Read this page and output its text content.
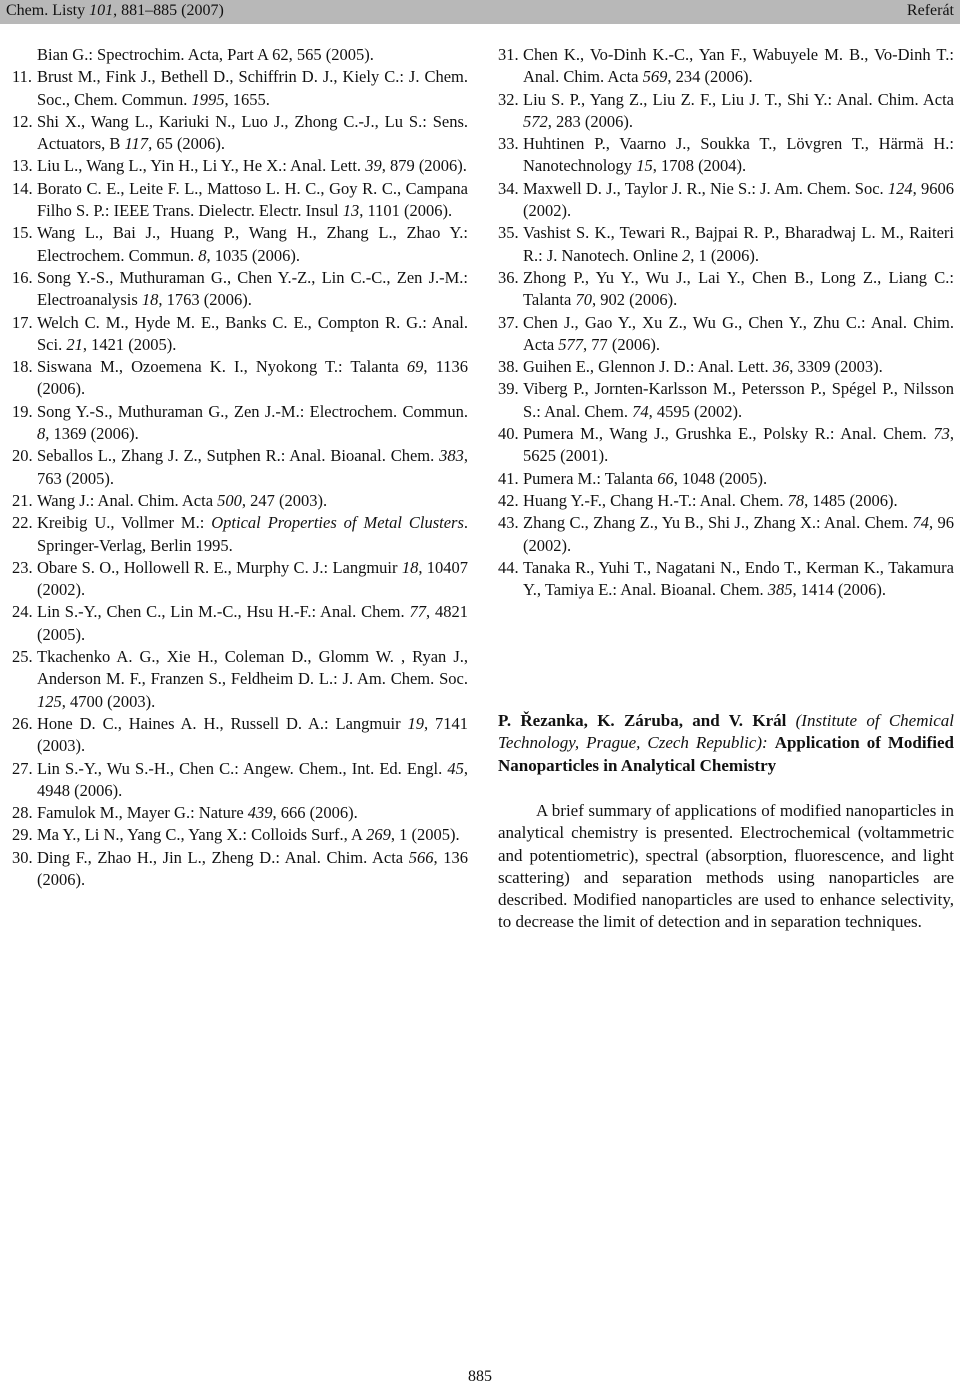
Chem. Listy 101, 881–885 (2007)	Referát
Bian G.: Spectrochim. Acta, Part A 62, 565 (2005).
11. Brust M., Fink J., Bethell D., Schiffrin D. J., Kiely C.: J. Chem. Soc., Chem. Commun. 1995, 1655.
12. Shi X., Wang L., Kariuki N., Luo J., Zhong C.-J., Lu S.: Sens. Actuators, B 117, 65 (2006).
13. Liu L., Wang L., Yin H., Li Y., He X.: Anal. Lett. 39, 879 (2006).
14. Borato C. E., Leite F. L., Mattoso L. H. C., Goy R. C., Campana Filho S. P.: IEEE Trans. Dielectr. Electr. Insul 13, 1101 (2006).
15. Wang L., Bai J., Huang P., Wang H., Zhang L., Zhao Y.: Electrochem. Commun. 8, 1035 (2006).
16. Song Y.-S., Muthuraman G., Chen Y.-Z., Lin C.-C., Zen J.-M.: Electroanalysis 18, 1763 (2006).
17. Welch C. M., Hyde M. E., Banks C. E., Compton R. G.: Anal. Sci. 21, 1421 (2005).
18. Siswana M., Ozoemena K. I., Nyokong T.: Talanta 69, 1136 (2006).
19. Song Y.-S., Muthuraman G., Zen J.-M.: Electrochem. Commun. 8, 1369 (2006).
20. Seballos L., Zhang J. Z., Sutphen R.: Anal. Bioanal. Chem. 383, 763 (2005).
21. Wang J.: Anal. Chim. Acta 500, 247 (2003).
22. Kreibig U., Vollmer M.: Optical Properties of Metal Clusters. Springer-Verlag, Berlin 1995.
23. Obare S. O., Hollowell R. E., Murphy C. J.: Langmuir 18, 10407 (2002).
24. Lin S.-Y., Chen C., Lin M.-C., Hsu H.-F.: Anal. Chem. 77, 4821 (2005).
25. Tkachenko A. G., Xie H., Coleman D., Glomm W. , Ryan J., Anderson M. F., Franzen S., Feldheim D. L.: J. Am. Chem. Soc. 125, 4700 (2003).
26. Hone D. C., Haines A. H., Russell D. A.: Langmuir 19, 7141 (2003).
27. Lin S.-Y., Wu S.-H., Chen C.: Angew. Chem., Int. Ed. Engl. 45, 4948 (2006).
28. Famulok M., Mayer G.: Nature 439, 666 (2006).
29. Ma Y., Li N., Yang C., Yang X.: Colloids Surf., A 269, 1 (2005).
30. Ding F., Zhao H., Jin L., Zheng D.: Anal. Chim. Acta 566, 136 (2006).
31. Chen K., Vo-Dinh K.-C., Yan F., Wabuyele M. B., Vo-Dinh T.: Anal. Chim. Acta 569, 234 (2006).
32. Liu S. P., Yang Z., Liu Z. F., Liu J. T., Shi Y.: Anal. Chim. Acta 572, 283 (2006).
33. Huhtinen P., Vaarno J., Soukka T., Lövgren T., Härmä H.: Nanotechnology 15, 1708 (2004).
34. Maxwell D. J., Taylor J. R., Nie S.: J. Am. Chem. Soc. 124, 9606 (2002).
35. Vashist S. K., Tewari R., Bajpai R. P., Bharadwaj L. M., Raiteri R.: J. Nanotech. Online 2, 1 (2006).
36. Zhong P., Yu Y., Wu J., Lai Y., Chen B., Long Z., Liang C.: Talanta 70, 902 (2006).
37. Chen J., Gao Y., Xu Z., Wu G., Chen Y., Zhu C.: Anal. Chim. Acta 577, 77 (2006).
38. Guihen E., Glennon J. D.: Anal. Lett. 36, 3309 (2003).
39. Viberg P., Jornten-Karlsson M., Petersson P., Spégel P., Nilsson S.: Anal. Chem. 74, 4595 (2002).
40. Pumera M., Wang J., Grushka E., Polsky R.: Anal. Chem. 73, 5625 (2001).
41. Pumera M.: Talanta 66, 1048 (2005).
42. Huang Y.-F., Chang H.-T.: Anal. Chem. 78, 1485 (2006).
43. Zhang C., Zhang Z., Yu B., Shi J., Zhang X.: Anal. Chem. 74, 96 (2002).
44. Tanaka R., Yuhi T., Nagatani N., Endo T., Kerman K., Takamura Y., Tamiya E.: Anal. Bioanal. Chem. 385, 1414 (2006).
P. Řezanka, K. Záruba, and V. Král (Institute of Chemical Technology, Prague, Czech Republic): Application of Modified Nanoparticles in Analytical Chemistry
A brief summary of applications of modified nanoparticles in analytical chemistry is presented. Electrochemical (voltammetric and potentiometric), spectral (absorption, fluorescence, and light scattering) and separation methods using nanoparticles are described. Modified nanoparticles are used to enhance selectivity, to decrease the limit of detection and in separation techniques.
885
